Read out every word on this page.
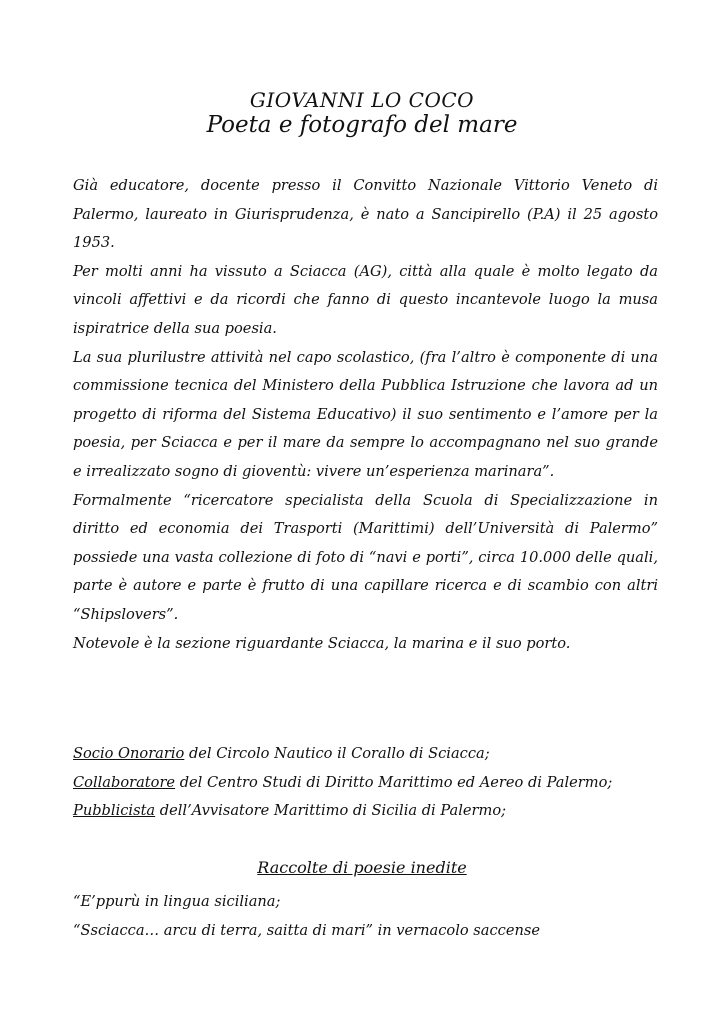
GIOVANNI LO COCO
Poeta e fotografo del mare

Già educatore, docente presso il Convitto Nazionale Vittorio Veneto di Palermo, laureato in Giurisprudenza, è nato a Sancipirello (P.A) il 25 agosto 1953.

Per molti anni ha vissuto a Sciacca (AG), città alla quale è molto legato da vincoli affettivi e da ricordi che fanno di questo incantevole luogo la musa ispiratrice della sua poesia.

La sua plurilustre attività nel capo scolastico, (fra l’altro è componente di una commissione tecnica del Ministero della Pubblica Istruzione che lavora ad un progetto di riforma del Sistema Educativo) il suo sentimento e l’amore per la poesia, per Sciacca e per il mare da sempre lo accompagnano nel suo grande e irrealizzato sogno di gioventù: vivere un’esperienza marinara”.

Formalmente “ricercatore specialista della Scuola di Specializzazione in diritto ed economia dei Trasporti (Marittimi) dell’Università di Palermo” possiede una vasta collezione di foto di “navi e porti”, circa 10.000 delle quali, parte è autore e parte è frutto di una capillare ricerca e di scambio con altri “Shipslovers”.

Notevole è la sezione riguardante Sciacca, la marina e il suo porto.

Socio Onorario del Circolo Nautico il Corallo di Sciacca;
Collaboratore del Centro Studi di Diritto Marittimo ed Aereo di Palermo;
Pubblicista dell’Avvisatore Marittimo di Sicilia di Palermo;
Raccolte di poesie inedite
“E’ppurù in lingua siciliana;
“Ssciacca… arcu di terra, saitta di mari” in vernacolo saccense
